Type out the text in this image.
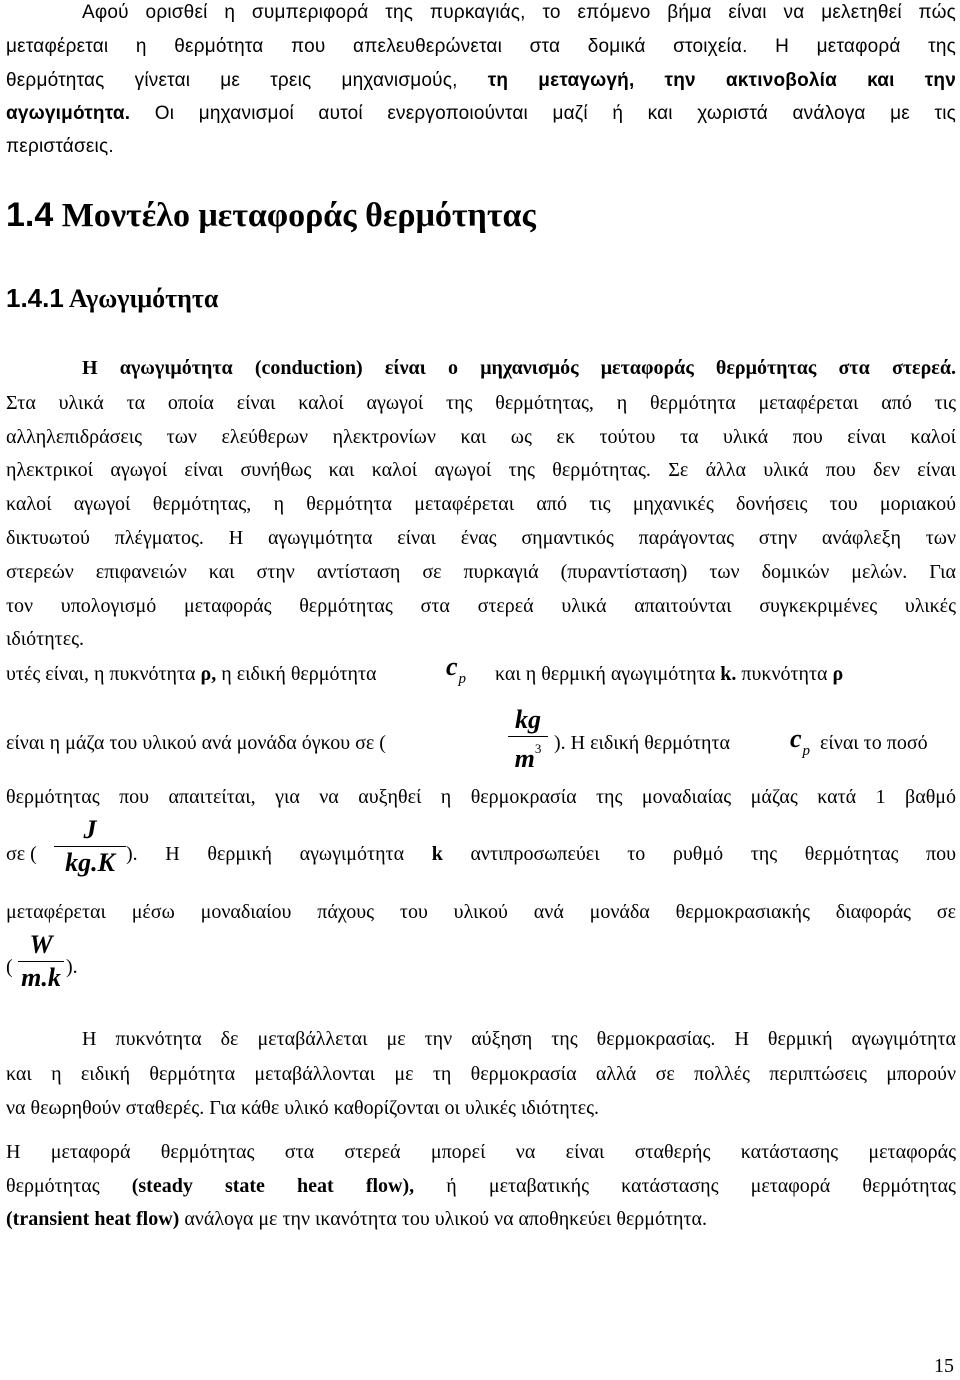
Αφού ορισθεί η συμπεριφορά της πυρκαγιάς, το επόμενο βήμα είναι να μελετηθεί πώς
μεταφέρεται η θερμότητα που απελευθερώνεται στα δομικά στοιχεία. Η μεταφορά της
θερμότητας γίνεται με τρεις μηχανισμούς, τη μεταγωγή, την ακτινοβολία και την
αγωγιμότητα. Οι μηχανισμοί αυτοί ενεργοποιούνται μαζί ή και χωριστά ανάλογα με τις
περιστάσεις.
1.4 Μοντέλο μεταφοράς θερμότητας
1.4.1 Αγωγιμότητα
Η αγωγιμότητα (conduction) είναι ο μηχανισμός μεταφοράς θερμότητας στα στερεά.
Στα υλικά τα οποία είναι καλοί αγωγοί της θερμότητας, η θερμότητα μεταφέρεται από τις
αλληλεπιδράσεις των ελεύθερων ηλεκτρονίων και ως εκ τούτου τα υλικά που είναι καλοί
ηλεκτρικοί αγωγοί είναι συνήθως και καλοί αγωγοί της θερμότητας. Σε άλλα υλικά που δεν είναι
καλοί αγωγοί θερμότητας, η θερμότητα μεταφέρεται από τις μηχανικές δονήσεις του μοριακού
δικτυωτού πλέγματος. Η αγωγιμότητα είναι ένας σημαντικός παράγοντας στην ανάφλεξη των
στερεών επιφανειών και στην αντίσταση σε πυρκαγιά (πυραντίσταση) των δομικών μελών. Για
τον υπολογισμό μεταφοράς θερμότητας στα στερεά υλικά απαιτούνται συγκεκριμένες υλικές
ιδιότητες.
υτές είναι, η πυκνότητα ρ, η ειδική θερμότητα	$c_p$ και η θερμική αγωγιμότητα k. πυκνότητα ρ
είναι η μάζα του υλικού ανά μονάδα όγκου σε (
kg
$m^3$ ). Η ειδική θερμότητα $c_p$ είναι το ποσό
θερμότητας που απαιτείται, για να αυξηθεί η θερμοκρασία της μοναδιαίας μάζας κατά 1 βαθμό
σε (
J
kg.K ). Η θερμική αγωγιμότητα k αντιπροσωπεύει το ρυθμό της θερμότητας που
μεταφέρεται μέσω μοναδιαίου πάχους του υλικού ανά μονάδα θερμοκρασιακής διαφοράς σε
(
W
m.k ).
Η πυκνότητα δε μεταβάλλεται με την αύξηση της θερμοκρασίας. Η θερμική αγωγιμότητα
και η ειδική θερμότητα μεταβάλλονται με τη θερμοκρασία αλλά σε πολλές περιπτώσεις μπορούν
να θεωρηθούν σταθερές. Για κάθε υλικό καθορίζονται οι υλικές ιδιότητες.
Η μεταφορά θερμότητας στα στερεά μπορεί να είναι σταθερής κατάστασης μεταφοράς
θερμότητας (steady state heat flow), ή μεταβατικής κατάστασης μεταφορά θερμότητας
(transient heat flow) ανάλογα με την ικανότητα του υλικού να αποθηκεύει θερμότητα.
15
